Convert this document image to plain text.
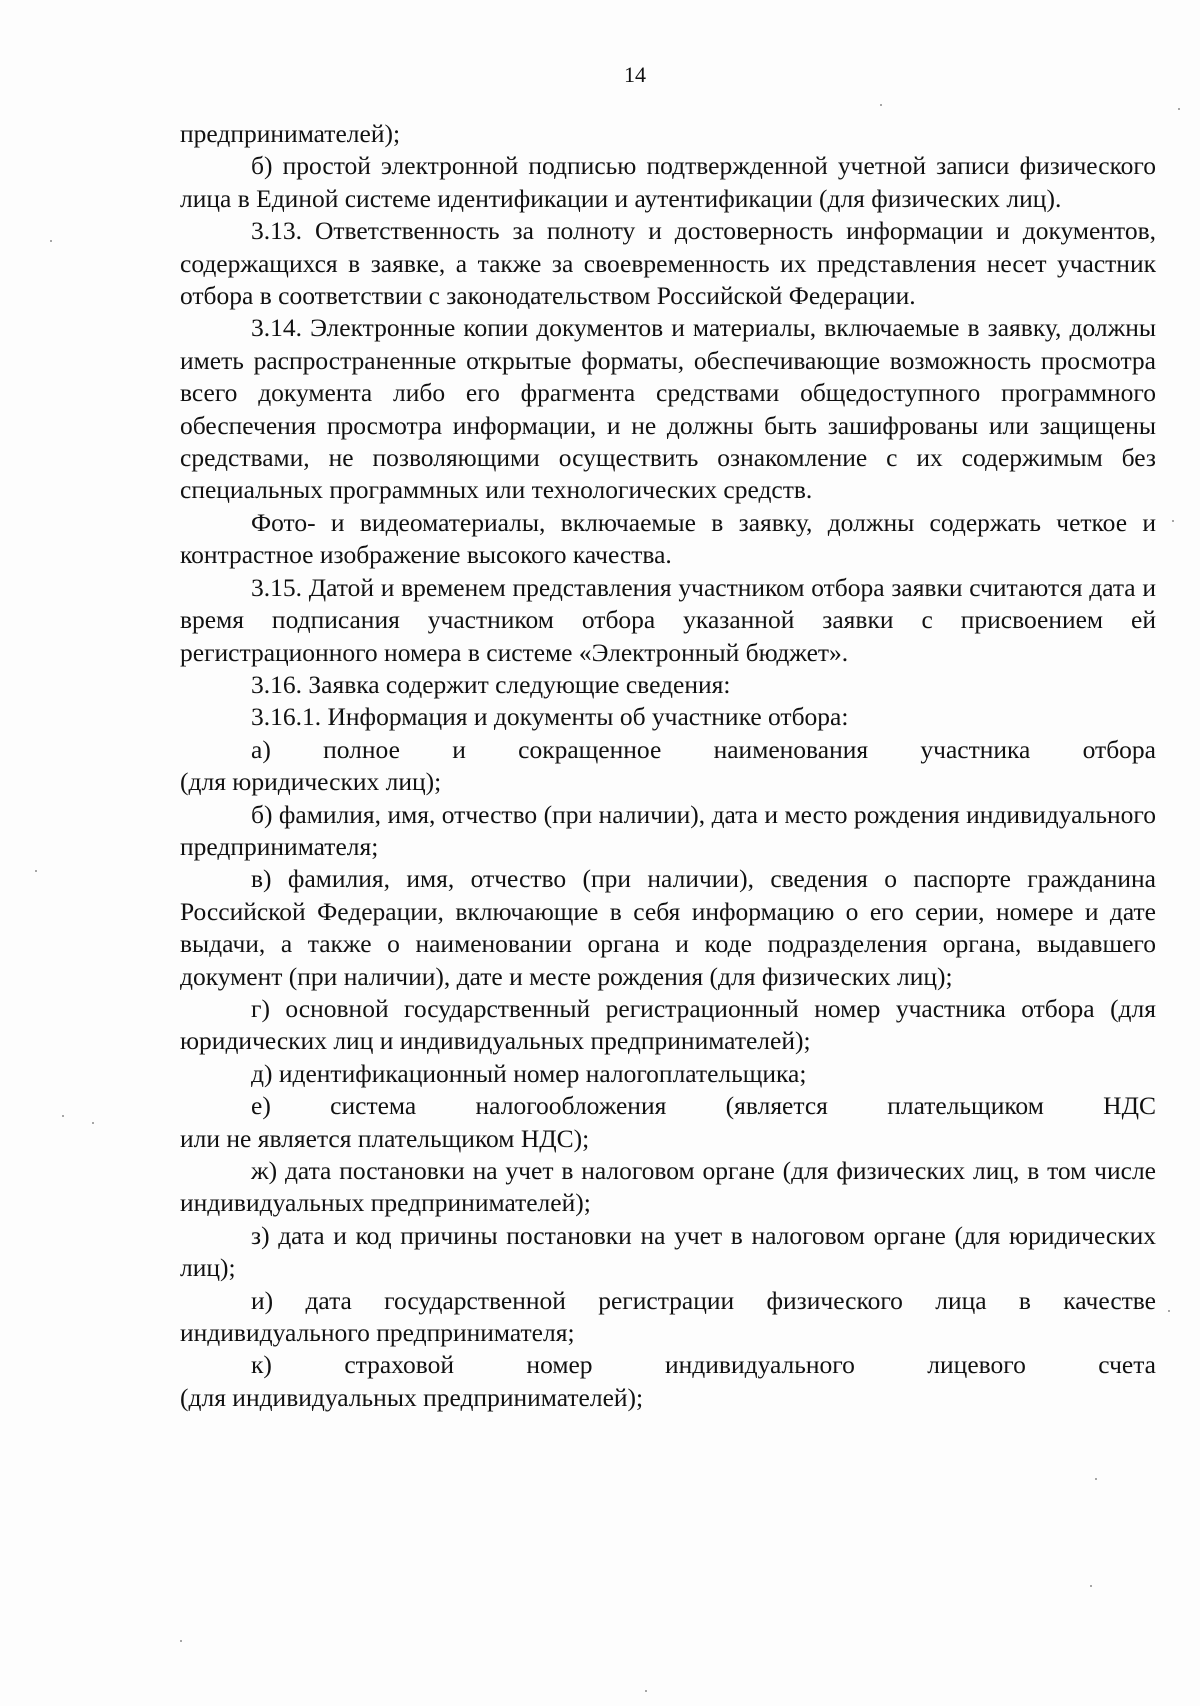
14

предпринимателей);

б) простой электронной подписью подтвержденной учетной записи физического лица в Единой системе идентификации и аутентификации (для физических лиц).

3.13. Ответственность за полноту и достоверность информации и документов, содержащихся в заявке, а также за своевременность их представления несет участник отбора в соответствии с законодательством Российской Федерации.

3.14. Электронные копии документов и материалы, включаемые в заявку, должны иметь распространенные открытые форматы, обеспечивающие возможность просмотра всего документа либо его фрагмента средствами общедоступного программного обеспечения просмотра информации, и не должны быть зашифрованы или защищены средствами, не позволяющими осуществить ознакомление с их содержимым без специальных программных или технологических средств.

Фото- и видеоматериалы, включаемые в заявку, должны содержать четкое и контрастное изображение высокого качества.

3.15. Датой и временем представления участником отбора заявки считаются дата и время подписания участником отбора указанной заявки с присвоением ей регистрационного номера в системе «Электронный бюджет».

3.16. Заявка содержит следующие сведения:

3.16.1. Информация и документы об участнике отбора:

а) полное и сокращенное наименования участника отбора

(для юридических лиц);

б) фамилия, имя, отчество (при наличии), дата и место рождения индивидуального предпринимателя;

в) фамилия, имя, отчество (при наличии), сведения о паспорте гражданина Российской Федерации, включающие в себя информацию о его серии, номере и дате выдачи, а также о наименовании органа и коде подразделения органа, выдавшего документ (при наличии), дате и месте рождения (для физических лиц);

г) основной государственный регистрационный номер участника отбора (для юридических лиц и индивидуальных предпринимателей);

д) идентификационный номер налогоплательщика;

е) система налогообложения (является плательщиком НДС

или не является плательщиком НДС);

ж) дата постановки на учет в налоговом органе (для физических лиц, в том числе индивидуальных предпринимателей);

з) дата и код причины постановки на учет в налоговом органе (для юридических лиц);

и) дата государственной регистрации физического лица в качестве индивидуального предпринимателя;

к) страховой номер индивидуального лицевого счета

(для индивидуальных предпринимателей);
